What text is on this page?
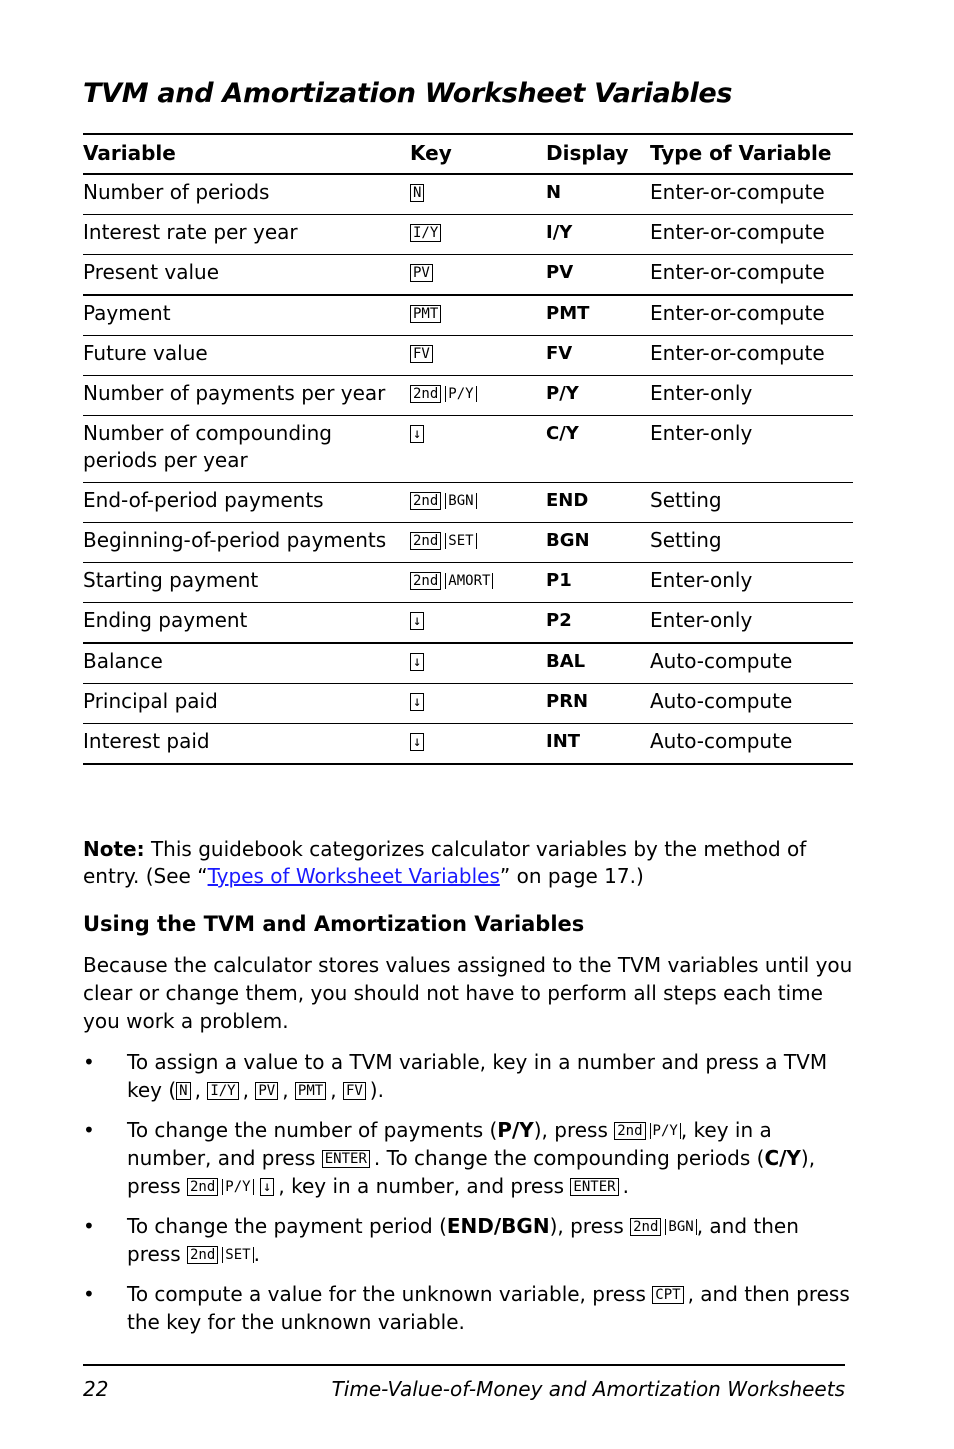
TVM and Amortization Worksheet Variables
Variable	Key	Display	Type of Variable
Number of periods	N	N	Enter-or-compute
Interest rate per year	I/Y	I/Y	Enter-or-compute
Present value	PV	PV	Enter-or-compute
Payment	PMT	PMT	Enter-or-compute
Future value	FV	FV	Enter-or-compute
Number of payments per year	2nd P/Y	P/Y	Enter-only
Number of compounding periods per year	↓	C/Y	Enter-only
End-of-period payments	2nd BGN	END	Setting
Beginning-of-period payments	2nd SET	BGN	Setting
Starting payment	2nd AMORT	P1	Enter-only
Ending payment	↓	P2	Enter-only
Balance	↓	BAL	Auto-compute
Principal paid	↓	PRN	Auto-compute
Interest paid	↓	INT	Auto-compute

Note: This guidebook categorizes calculator variables by the method of entry. (See “Types of Worksheet Variables” on page 17.)

Using the TVM and Amortization Variables

Because the calculator stores values assigned to the TVM variables until you clear or change them, you should not have to perform all steps each time you work a problem.

• To assign a value to a TVM variable, key in a number and press a TVM key ( N , I/Y , PV , PMT , FV ).
• To change the number of payments (P/Y), press 2nd P/Y , key in a number, and press ENTER . To change the compounding periods (C/Y), press 2nd P/Y ↓ , key in a number, and press ENTER .
• To change the payment period (END/BGN), press 2nd BGN , and then press 2nd SET .
• To compute a value for the unknown variable, press CPT , and then press the key for the unknown variable.
22	Time-Value-of-Money and Amortization Worksheets
